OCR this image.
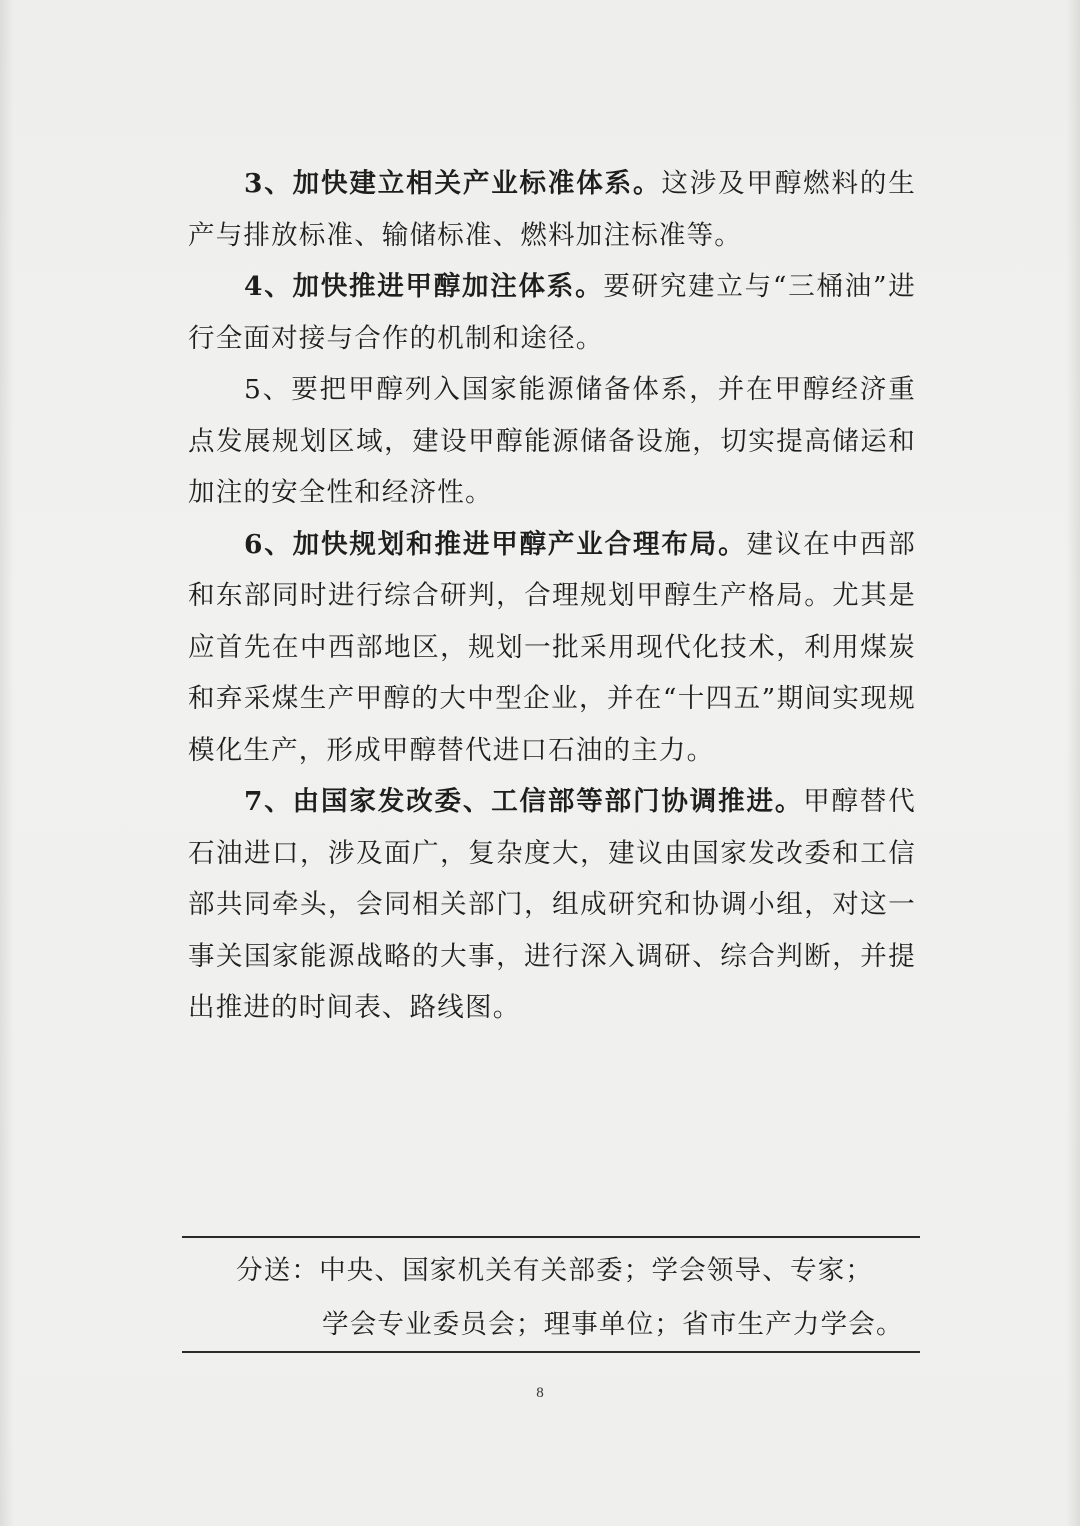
3、加快建立相关产业标准体系。这涉及甲醇燃料的生产与排放标准、输储标准、燃料加注标准等。

4、加快推进甲醇加注体系。要研究建立与“三桶油”进行全面对接与合作的机制和途径。

5、要把甲醇列入国家能源储备体系，并在甲醇经济重点发展规划区域，建设甲醇能源储备设施，切实提高储运和加注的安全性和经济性。

6、加快规划和推进甲醇产业合理布局。建议在中西部和东部同时进行综合研判，合理规划甲醇生产格局。尤其是应首先在中西部地区，规划一批采用现代化技术，利用煤炭和弃采煤生产甲醇的大中型企业，并在“十四五”期间实现规模化生产，形成甲醇替代进口石油的主力。

7、由国家发改委、工信部等部门协调推进。甲醇替代石油进口，涉及面广，复杂度大，建议由国家发改委和工信部共同牵头，会同相关部门，组成研究和协调小组，对这一事关国家能源战略的大事，进行深入调研、综合判断，并提出推进的时间表、路线图。

分送：中央、国家机关有关部委；学会领导、专家；
学会专业委员会；理事单位；省市生产力学会。
8
